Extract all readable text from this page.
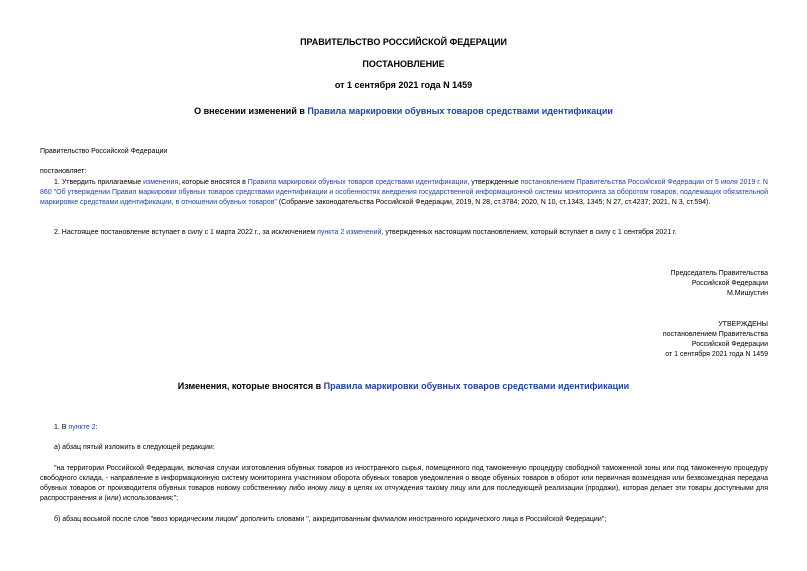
ПРАВИТЕЛЬСТВО РОССИЙСКОЙ ФЕДЕРАЦИИ
ПОСТАНОВЛЕНИЕ
от 1 сентября 2021 года N 1459
О внесении изменений в Правила маркировки обувных товаров средствами идентификации
Правительство Российской Федерации
постановляет:
1. Утвердить прилагаемые изменения, которые вносятся в Правила маркировки обувных товаров средствами идентификации, утвержденные постановлением Правительства Российской Федерации от 5 июля 2019 г. N 860 "Об утверждении Правил маркировки обувных товаров средствами идентификации и особенностях внедрения государственной информационной системы мониторинга за оборотом товаров, подлежащих обязательной маркировке средствами идентификации, в отношении обувных товаров" (Собрание законодательства Российской Федерации, 2019, N 28, ст.3784; 2020, N 10, ст.1343, 1345; N 27, ст.4237; 2021, N 3, ст.594).
2. Настоящее постановление вступает в силу с 1 марта 2022 г., за исключением пункта 2 изменений, утвержденных настоящим постановлением, который вступает в силу с 1 сентября 2021 г.
Председатель Правительства
Российской Федерации
М.Мишустин
УТВЕРЖДЕНЫ
постановлением Правительства
Российской Федерации
от 1 сентября 2021 года N 1459
Изменения, которые вносятся в Правила маркировки обувных товаров средствами идентификации
1. В пункте 2:
а) абзац пятый изложить в следующей редакции:
"на территории Российской Федерации, включая случаи изготовления обувных товаров из иностранного сырья, помещенного под таможенную процедуру свободной таможенной зоны или под таможенную процедуру свободного склада, - направление в информационную систему мониторинга участником оборота обувных товаров уведомления о вводе обувных товаров в оборот или первичная возмездная или безвозмездная передача обувных товаров от производителя обувных товаров новому собственнику либо иному лицу в целях их отчуждения такому лицу или для последующей реализации (продажи), которая делает эти товары доступными для распространения и (или) использования;";
б) абзац восьмой после слов "ввоз юридическим лицом" дополнить словами ", аккредитованным филиалом иностранного юридического лица в Российской Федерации";
